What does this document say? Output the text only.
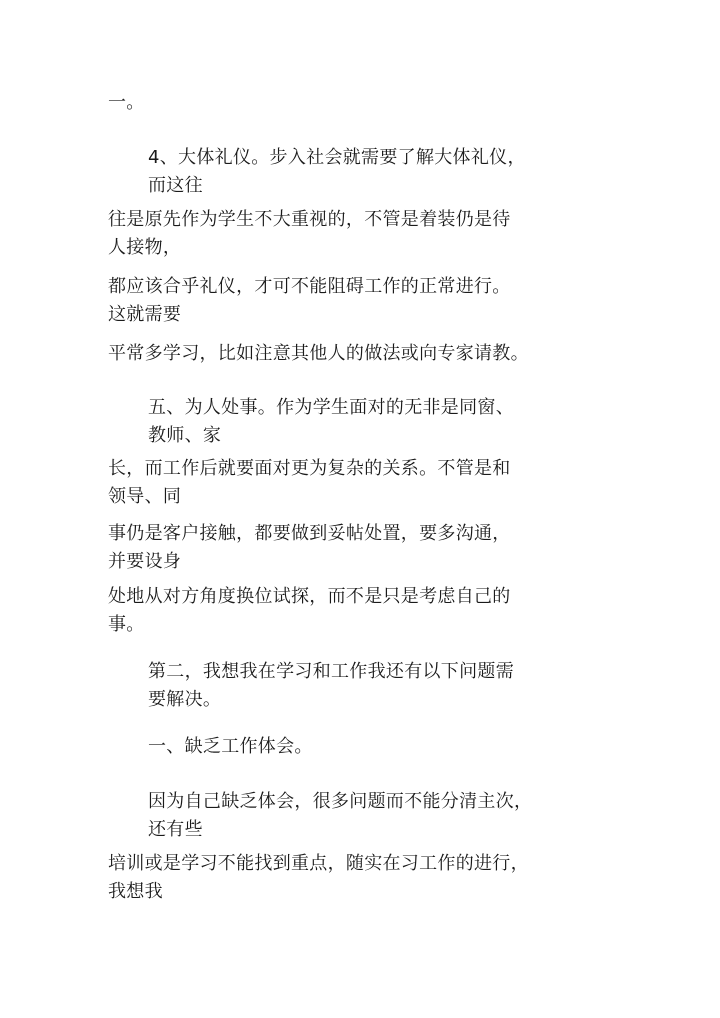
一。

4、大体礼仪。步入社会就需要了解大体礼仪，
而这往

往是原先作为学生不大重视的，不管是着装仍是待
人接物，

都应该合乎礼仪，才可不能阻碍工作的正常进行。
这就需要

平常多学习，比如注意其他人的做法或向专家请教。

五、为人处事。作为学生面对的无非是同窗、
教师、家

长，而工作后就要面对更为复杂的关系。不管是和
领导、同

事仍是客户接触，都要做到妥帖处置，要多沟通，
并要设身

处地从对方角度换位试探，而不是只是考虑自己的
事。

第二，我想我在学习和工作我还有以下问题需
要解决。

一、缺乏工作体会。

因为自己缺乏体会，很多问题而不能分清主次，
还有些

培训或是学习不能找到重点，随实在习工作的进行，
我想我
